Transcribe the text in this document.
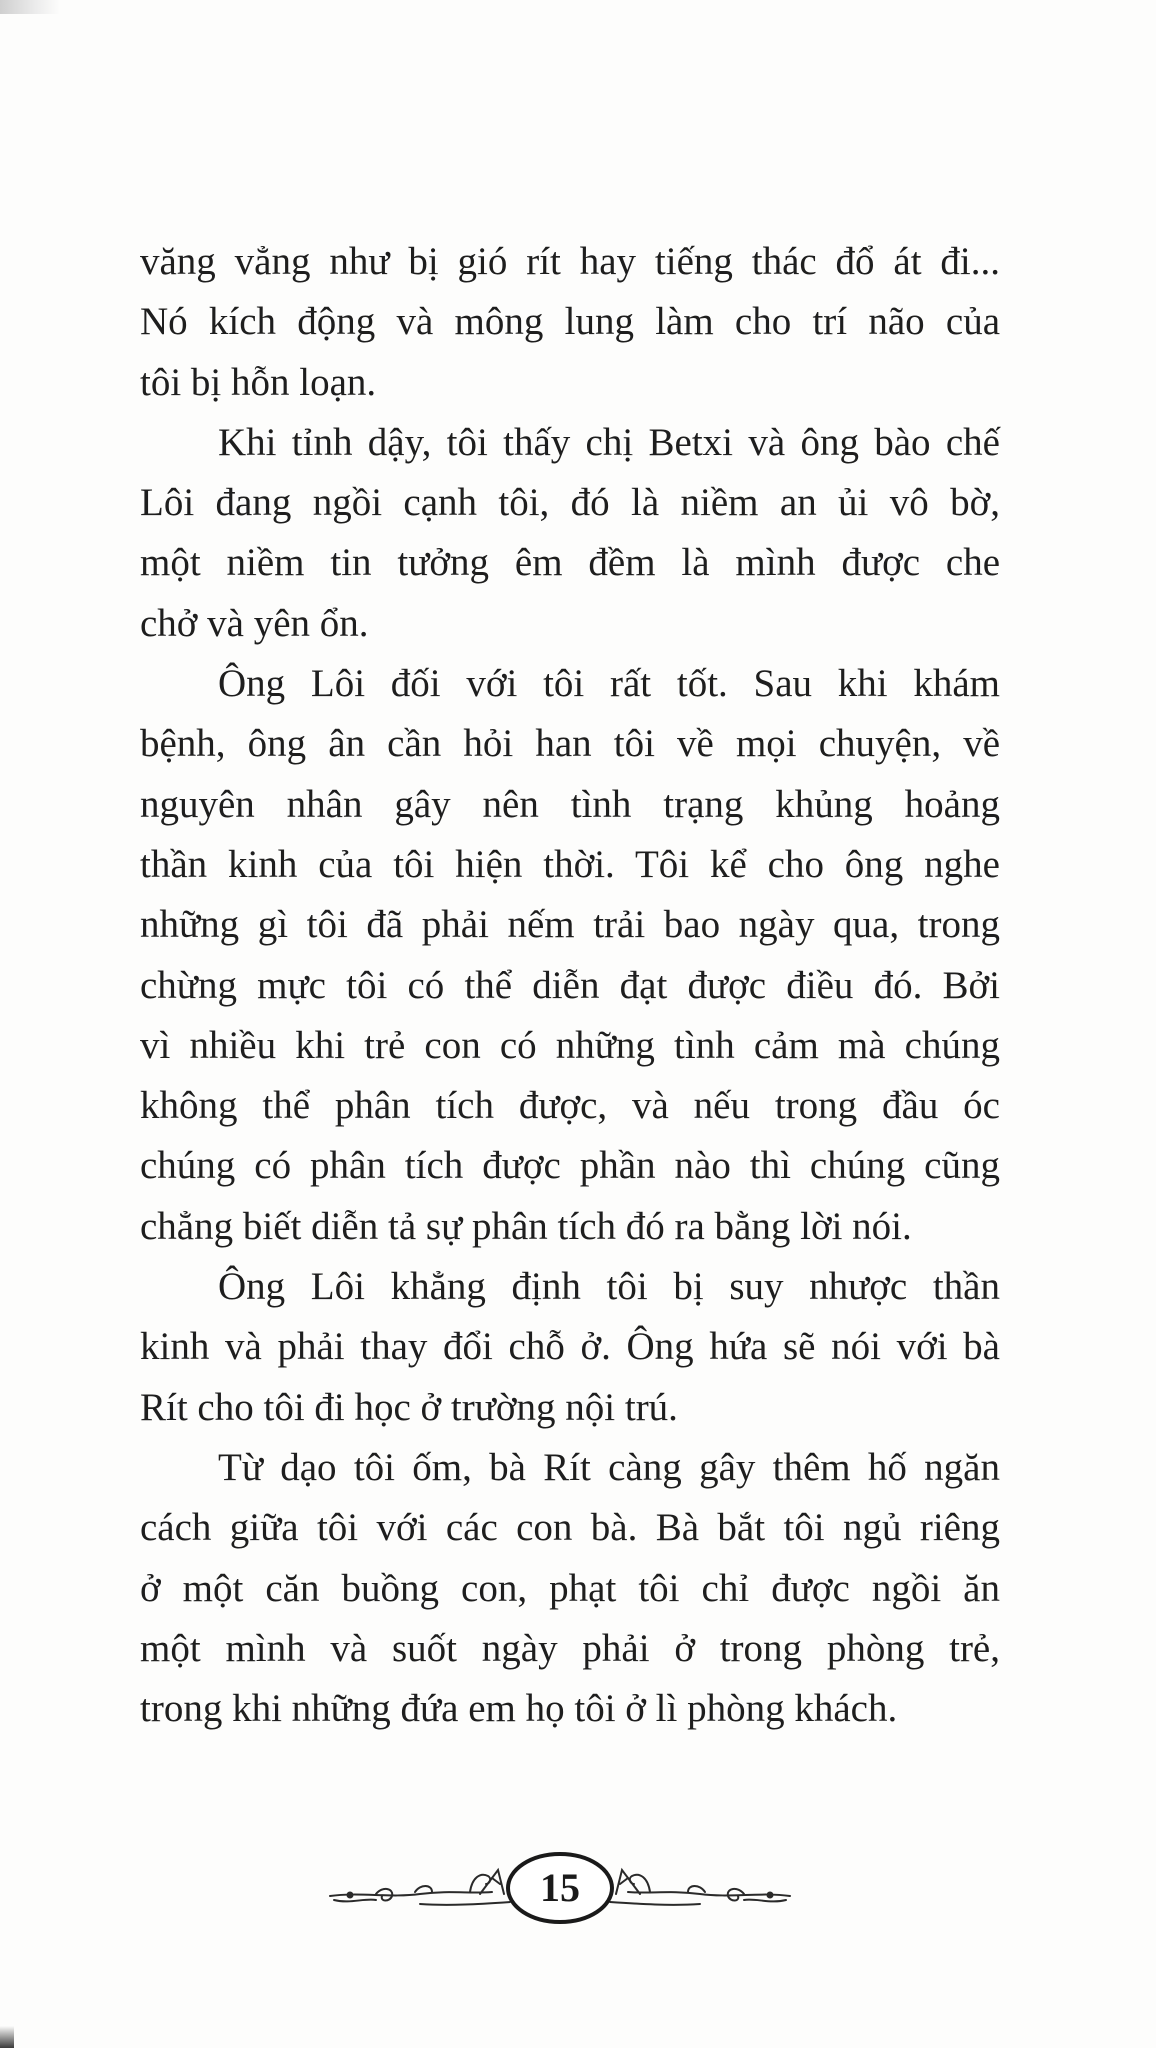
văng vẳng như bị gió rít hay tiếng thác đổ át đi...
Nó kích động và mông lung làm cho trí não của
tôi bị hỗn loạn.
Khi tỉnh dậy, tôi thấy chị Betxi và ông bào chế
Lôi đang ngồi cạnh tôi, đó là niềm an ủi vô bờ,
một niềm tin tưởng êm đềm là mình được che
chở và yên ổn.
Ông Lôi đối với tôi rất tốt. Sau khi khám
bệnh, ông ân cần hỏi han tôi về mọi chuyện, về
nguyên nhân gây nên tình trạng khủng hoảng
thần kinh của tôi hiện thời. Tôi kể cho ông nghe
những gì tôi đã phải nếm trải bao ngày qua, trong
chừng mực tôi có thể diễn đạt được điều đó. Bởi
vì nhiều khi trẻ con có những tình cảm mà chúng
không thể phân tích được, và nếu trong đầu óc
chúng có phân tích được phần nào thì chúng cũng
chẳng biết diễn tả sự phân tích đó ra bằng lời nói.
Ông Lôi khẳng định tôi bị suy nhược thần
kinh và phải thay đổi chỗ ở. Ông hứa sẽ nói với bà
Rít cho tôi đi học ở trường nội trú.
Từ dạo tôi ốm, bà Rít càng gây thêm hố ngăn
cách giữa tôi với các con bà. Bà bắt tôi ngủ riêng
ở một căn buồng con, phạt tôi chỉ được ngồi ăn
một mình và suốt ngày phải ở trong phòng trẻ,
trong khi những đứa em họ tôi ở lì phòng khách.
15
